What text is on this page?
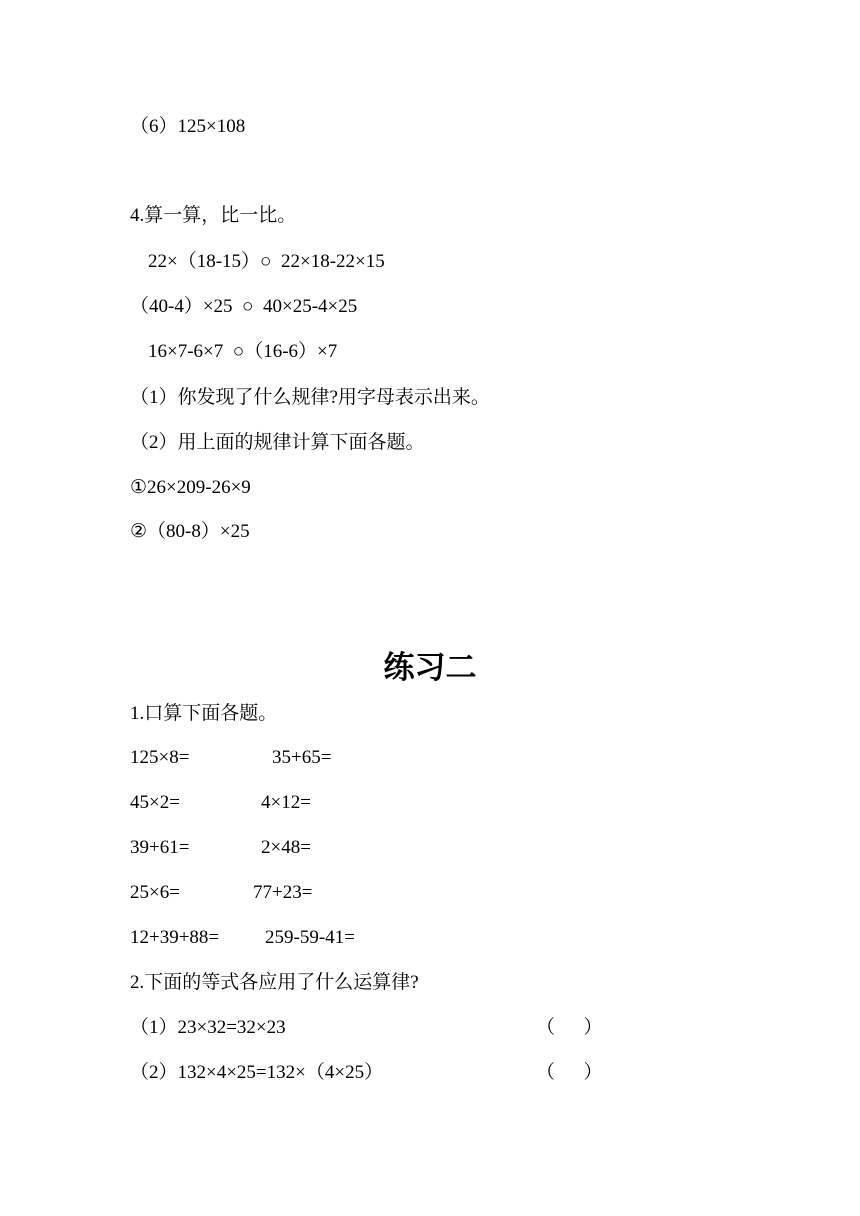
（6）125×108
4.算一算，比一比。
22×（18-15）○  22×18-22×15
（40-4）×25  ○  40×25-4×25
16×7-6×7  ○（16-6）×7
（1）你发现了什么规律?用字母表示出来。
（2）用上面的规律计算下面各题。
①26×209-26×9
②（80-8）×25
练习二
1.口算下面各题。
125×8=	35+65=
45×2=	4×12=
39+61=	2×48=
25×6=	77+23=
12+39+88= 259-59-41=
2.下面的等式各应用了什么运算律?
（1）23×32=32×23	（      ）
（2）132×4×25=132×（4×25）	（      ）
